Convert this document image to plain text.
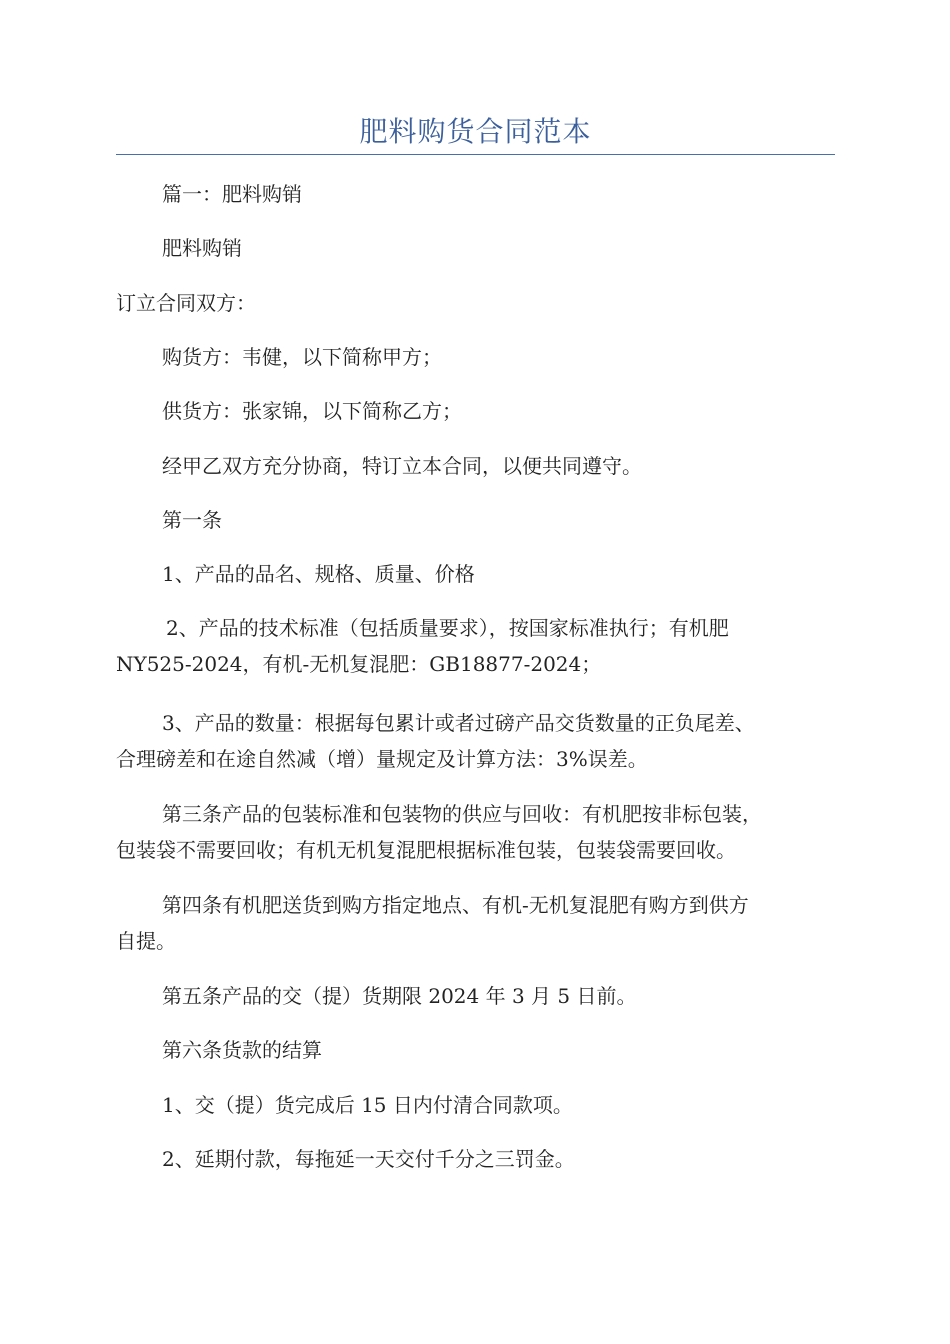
肥料购货合同范本
篇一：肥料购销
肥料购销
订立合同双方：
购货方：韦健，以下简称甲方；
供货方：张家锦，以下简称乙方；
经甲乙双方充分协商，特订立本合同，以便共同遵守。
第一条
1、产品的品名、规格、质量、价格
2、产品的技术标准（包括质量要求），按国家标准执行；有机肥
NY525-2024，有机-无机复混肥：GB18877-2024；
3、产品的数量：根据每包累计或者过磅产品交货数量的正负尾差、
合理磅差和在途自然减（增）量规定及计算方法：3%误差。
第三条产品的包装标准和包装物的供应与回收：有机肥按非标包装，
包装袋不需要回收；有机无机复混肥根据标准包装，包装袋需要回收。
第四条有机肥送货到购方指定地点、有机-无机复混肥有购方到供方
自提。
第五条产品的交（提）货期限 2024 年 3 月 5 日前。
第六条货款的结算
1、交（提）货完成后 15 日内付清合同款项。
2、延期付款，每拖延一天交付千分之三罚金。
